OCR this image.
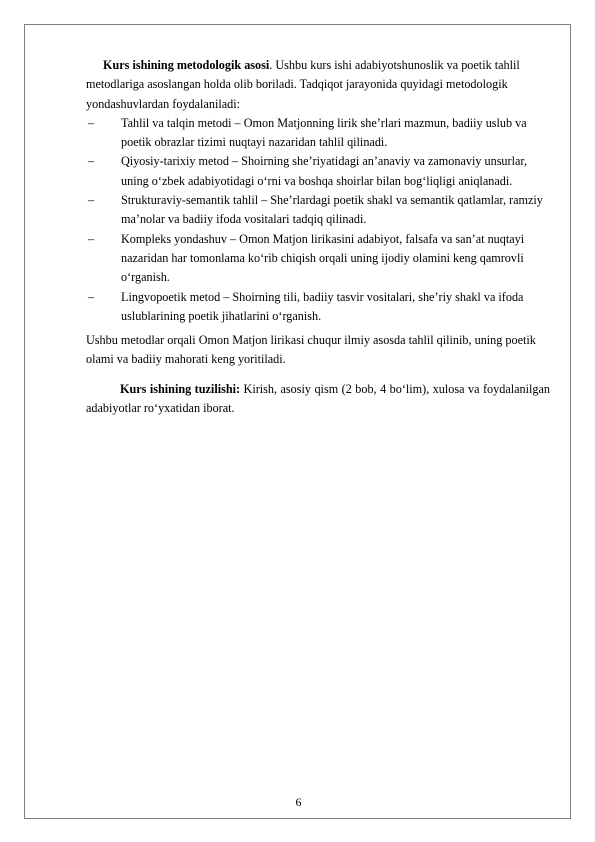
Kurs ishining metodologik asosi. Ushbu kurs ishi adabiyotshunoslik va poetik tahlil metodlariga asoslangan holda olib boriladi. Tadqiqot jarayonida quyidagi metodologik yondashuvlardan foydalaniladi:

– Tahlil va talqin metodi – Omon Matjonning lirik she’rlari mazmun, badiiy uslub va poetik obrazlar tizimi nuqtayi nazaridan tahlil qilinadi.
– Qiyosiy-tarixiy metod – Shoirning she’riyatidagi an’anaviy va zamonaviy unsurlar, uning o‘zbek adabiyotidagi o‘rni va boshqa shoirlar bilan bog‘liqligi aniqlanadi.
– Strukturaviy-semantik tahlil – She’rlardagi poetik shakl va semantik qatlamlar, ramziy ma’nolar va badiiy ifoda vositalari tadqiq qilinadi.
– Kompleks yondashuv – Omon Matjon lirikasini adabiyot, falsafa va san’at nuqtayi nazaridan har tomonlama ko‘rib chiqish orqali uning ijodiy olamini keng qamrovli o‘rganish.
– Lingvopoetik metod – Shoirning tili, badiiy tasvir vositalari, she’riy shakl va ifoda uslublarining poetik jihatlarini o‘rganish.

Ushbu metodlar orqali Omon Matjon lirikasi chuqur ilmiy asosda tahlil qilinib, uning poetik olami va badiiy mahorati keng yoritiladi.

Kurs ishining tuzilishi: Kirish, asosiy qism (2 bob, 4 bo‘lim), xulosa va foydalanilgan adabiyotlar ro‘yxatidan iborat.

6
